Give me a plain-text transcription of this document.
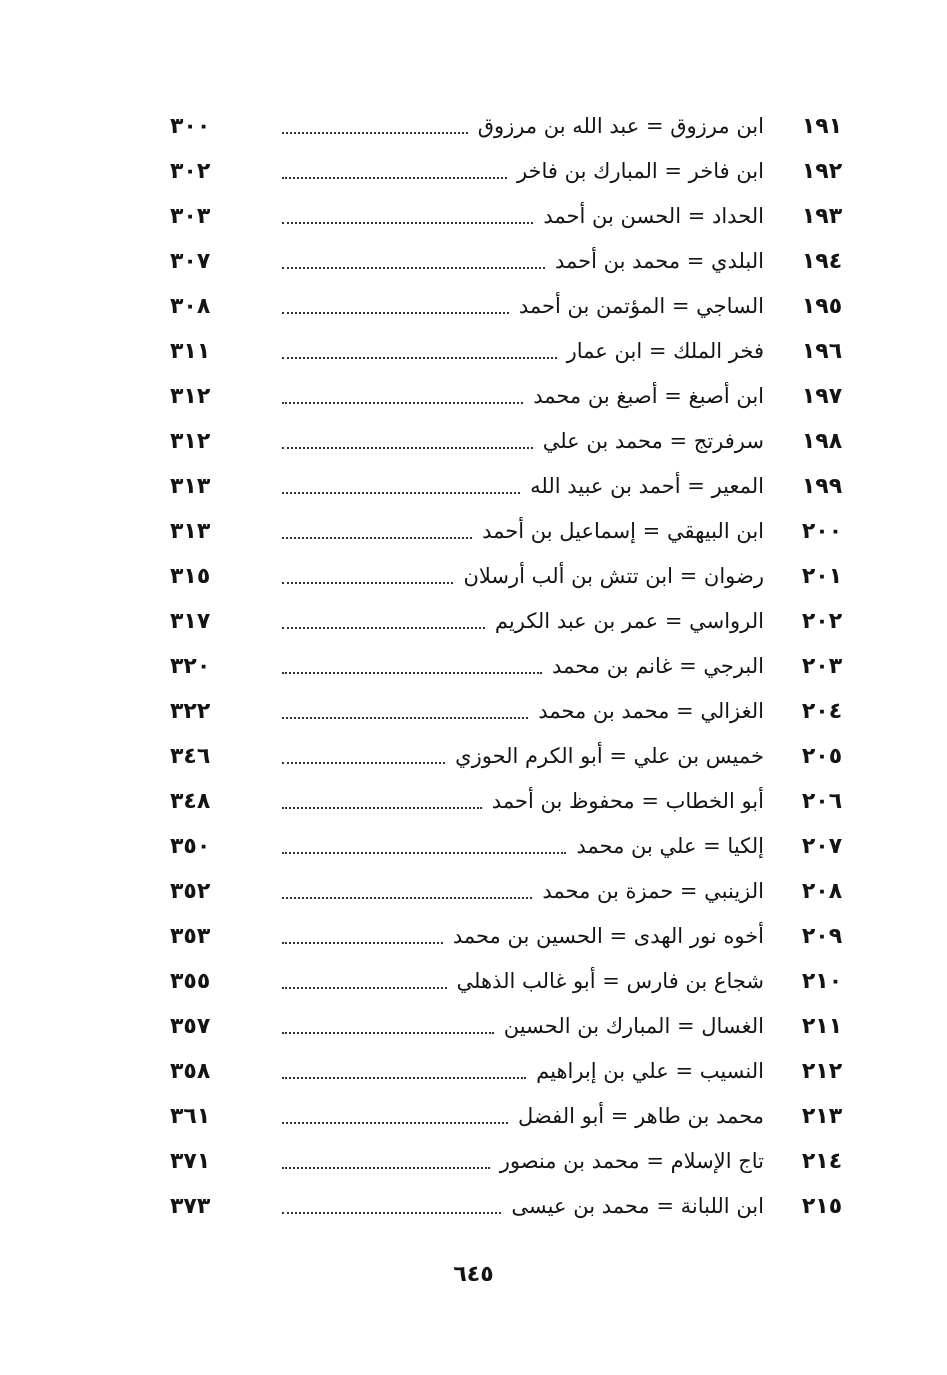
١٩١
ابن مرزوق = عبد الله بن مرزوق
٣٠٠
١٩٢
ابن فاخر = المبارك بن فاخر
٣٠٢
١٩٣
الحداد = الحسن بن أحمد
٣٠٣
١٩٤
البلدي = محمد بن أحمد
٣٠٧
١٩٥
الساجي = المؤتمن بن أحمد
٣٠٨
١٩٦
فخر الملك = ابن عمار
٣١١
١٩٧
ابن أصبغ = أصبغ بن محمد
٣١٢
١٩٨
سرفرتج = محمد بن علي
٣١٢
١٩٩
المعير = أحمد بن عبيد الله
٣١٣
٢٠٠
ابن البيهقي = إسماعيل بن أحمد
٣١٣
٢٠١
رضوان = ابن تتش بن ألب أرسلان
٣١٥
٢٠٢
الرواسي = عمر بن عبد الكريم
٣١٧
٢٠٣
البرجي = غانم بن محمد
٣٢٠
٢٠٤
الغزالي = محمد بن محمد
٣٢٢
٢٠٥
خميس بن علي = أبو الكرم الحوزي
٣٤٦
٢٠٦
أبو الخطاب = محفوظ بن أحمد
٣٤٨
٢٠٧
إلكيا = علي بن محمد
٣٥٠
٢٠٨
الزينبي = حمزة بن محمد
٣٥٢
٢٠٩
أخوه نور الهدى = الحسين بن محمد
٣٥٣
٢١٠
شجاع بن فارس = أبو غالب الذهلي
٣٥٥
٢١١
الغسال = المبارك بن الحسين
٣٥٧
٢١٢
النسيب = علي بن إبراهيم
٣٥٨
٢١٣
محمد بن طاهر = أبو الفضل
٣٦١
٢١٤
تاج الإسلام = محمد بن منصور
٣٧١
٢١٥
ابن اللبانة = محمد بن عيسى
٣٧٣
٦٤٥
